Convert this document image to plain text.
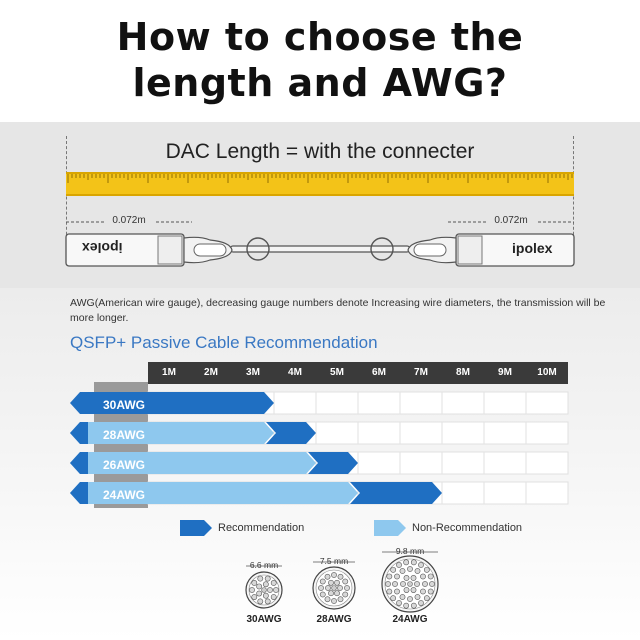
How to choose the
length and AWG?
DAC Length = with the connecter
0.072m	0.072m
ipolex	ipolex
AWG(American wire gauge), decreasing gauge numbers denote Increasing wire diameters, the transmission will be more longer.
QSFP+ Passive Cable Recommendation
1M	2M	3M	4M	5M	6M	7M	8M	9M	10M
30AWG
28AWG
26AWG
24AWG
Recommendation	Non-Recommendation
6.6 mm	7.5 mm
9.8 mm
30AWG	28AWG	24AWG
